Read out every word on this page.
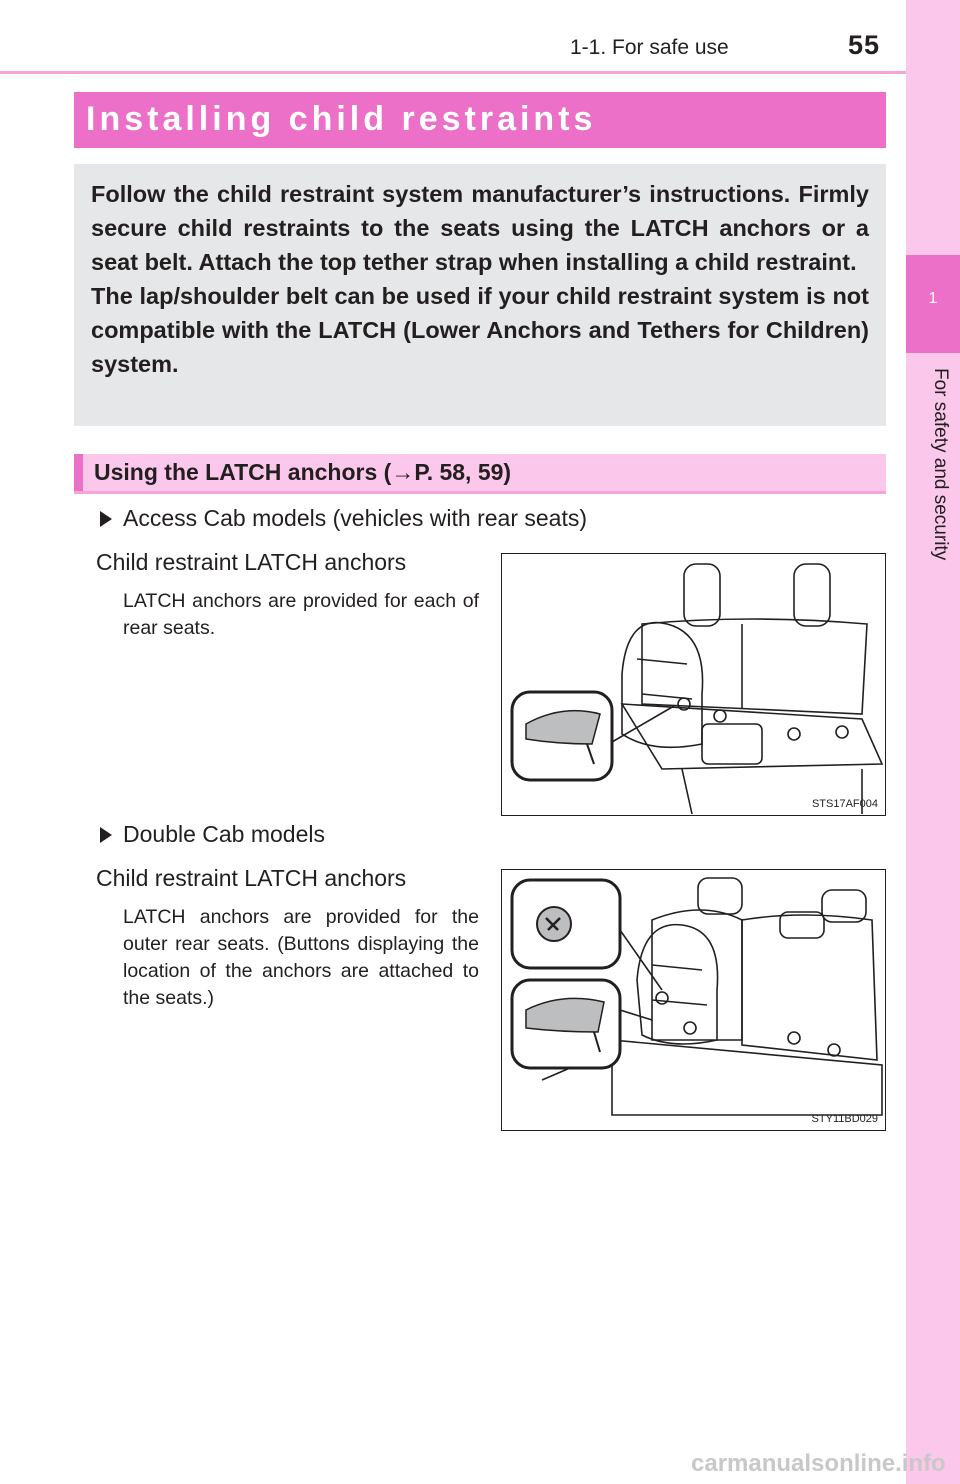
1-1. For safe use	55
1
For safety and security
Installing child restraints

Follow the child restraint system manufacturer’s instructions. Firmly secure child restraints to the seats using the LATCH anchors or a seat belt. Attach the top tether strap when installing a child restraint.

The lap/shoulder belt can be used if your child restraint system is not compatible with the LATCH (Lower Anchors and Tethers for Children) system.

Using the LATCH anchors (→P. 58, 59)
Access Cab models (vehicles with rear seats)
Child restraint LATCH anchors
LATCH anchors are provided for each of rear seats.
STS17AF004
Double Cab models
Child restraint LATCH anchors
LATCH anchors are provided for the outer rear seats. (Buttons displaying the location of the anchors are attached to the seats.)
STY11BD029
carmanualsonline.info
